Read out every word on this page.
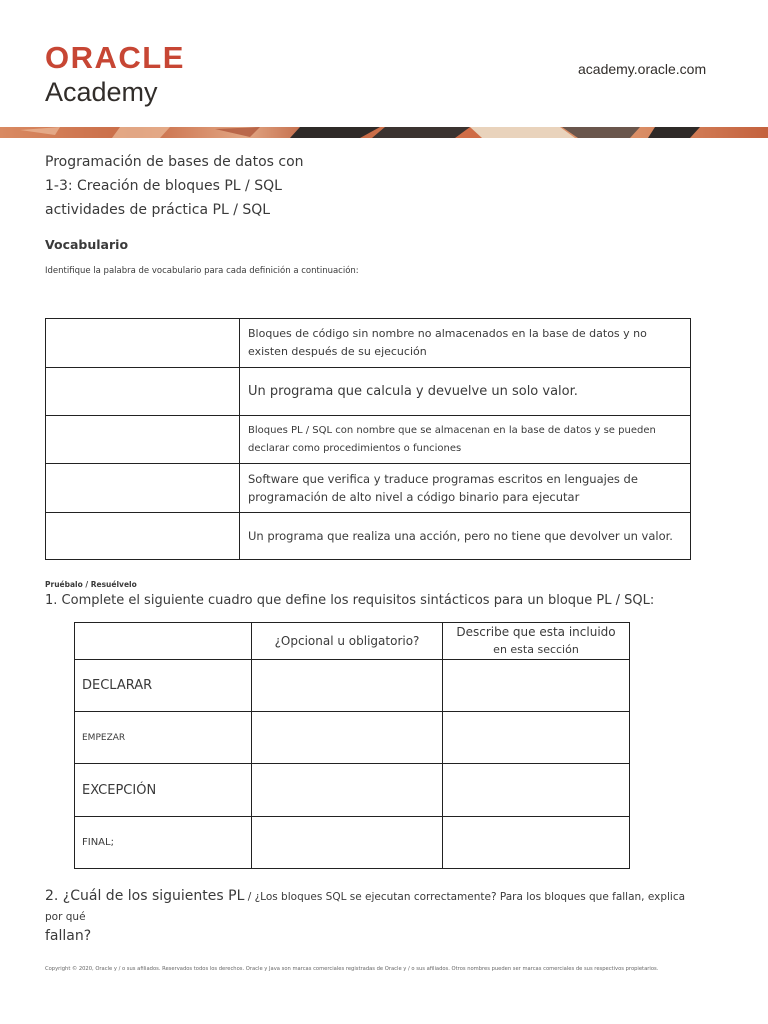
ORACLE
Academy
academy.oracle.com
Programación de bases de datos con
1-3: Creación de bloques PL / SQL
actividades de práctica PL / SQL
Vocabulario
Identifique la palabra de vocabulario para cada definición a continuación:
	Bloques de código sin nombre no almacenados en la base de datos y no existen después de su ejecución
	Un programa que calcula y devuelve un solo valor.
	Bloques PL / SQL con nombre que se almacenan en la base de datos y se pueden declarar como procedimientos o funciones
	Software que verifica y traduce programas escritos en lenguajes de programación de alto nivel a código binario para ejecutar
	Un programa que realiza una acción, pero no tiene que devolver un valor.
Pruébalo / Resuélvelo
1. Complete el siguiente cuadro que define los requisitos sintácticos para un bloque PL / SQL:
	¿Opcional u obligatorio?	Describe que esta incluido
en esta sección

DECLARAR		
EMPEZAR		
EXCEPCIÓN		
FINAL;		
2. ¿Cuál de los siguientes PL / ¿Los bloques SQL se ejecutan correctamente? Para los bloques que fallan, explica por qué
fallan?
Copyright © 2020, Oracle y / o sus afiliados. Reservados todos los derechos. Oracle y Java son marcas comerciales registradas de Oracle y / o sus afiliados. Otros nombres pueden ser marcas comerciales de sus respectivos propietarios.
